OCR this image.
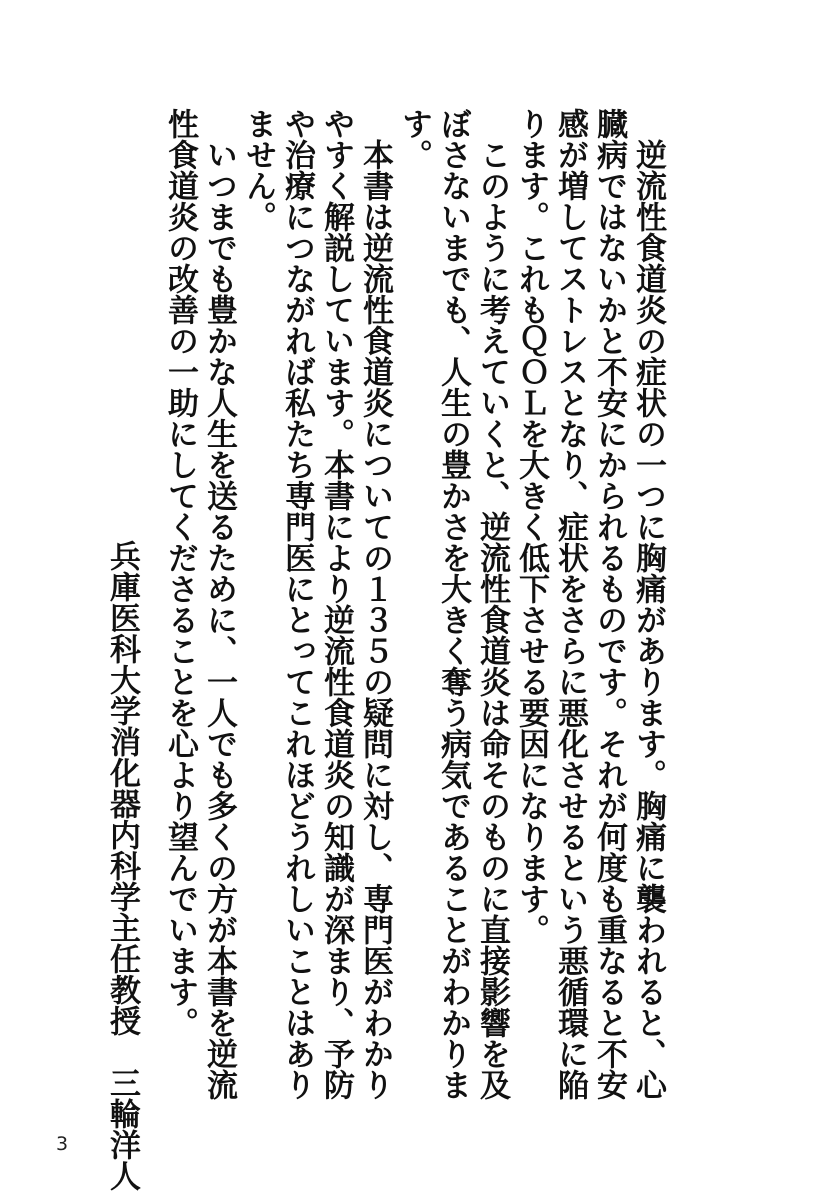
逆流性食道炎の症状の一つに胸痛があります。胸痛に襲われると、心臓病ではないかと不安にかられるものです。それが何度も重なると不安感が増してストレスとなり、症状をさらに悪化させるという悪循環に陥ります。これもＱＯＬを大きく低下させる要因になります。

このように考えていくと、逆流性食道炎は命そのものに直接影響を及ぼさないまでも、人生の豊かさを大きく奪う病気であることがわかります。

本書は逆流性食道炎についての１３５の疑問に対し、専門医がわかりやすく解説しています。本書により逆流性食道炎の知識が深まり、予防や治療につながれば私たち専門医にとってこれほどうれしいことはありません。

いつまでも豊かな人生を送るために、一人でも多くの方が本書を逆流性食道炎の改善の一助にしてくださることを心より望んでいます。

兵庫医科大学消化器内科学主任教授　三輪洋人
3
